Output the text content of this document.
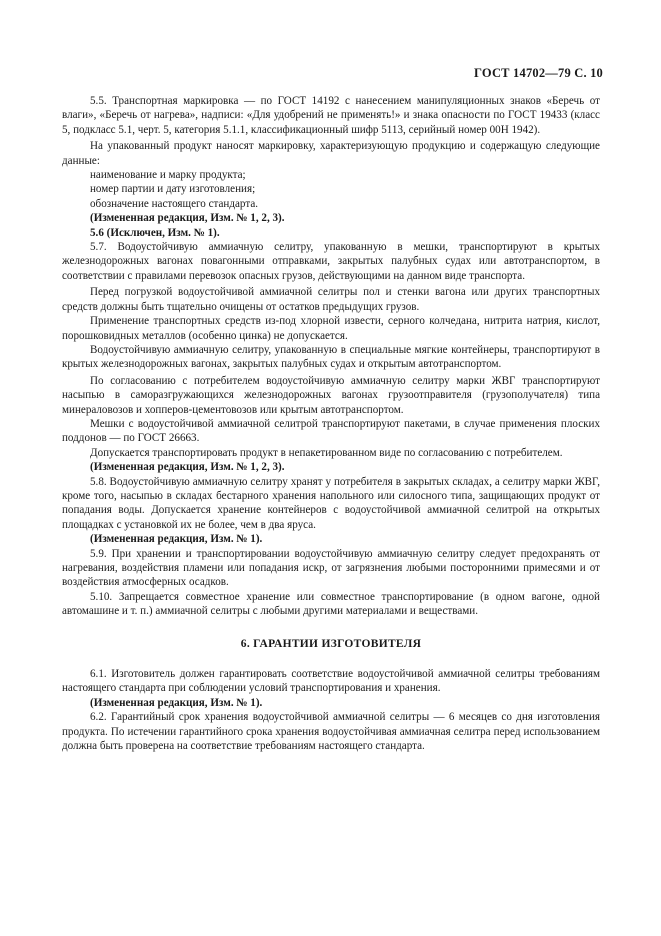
ГОСТ 14702—79 С. 10

5.5. Транспортная маркировка — по ГОСТ 14192 с нанесением манипуляционных знаков «Беречь от влаги», «Беречь от нагрева», надписи: «Для удобрений не применять!» и знака опасности по ГОСТ 19433 (класс 5, подкласс 5.1, черт. 5, категория 5.1.1, классификационный шифр 5113, серийный номер 00Н 1942).

На упакованный продукт наносят маркировку, характеризующую продукцию и содержащую следующие данные:

наименование и марку продукта;

номер партии и дату изготовления;

обозначение настоящего стандарта.

(Измененная редакция, Изм. № 1, 2, 3).

5.6 (Исключен, Изм. № 1).

5.7. Водоустойчивую аммиачную селитру, упакованную в мешки, транспортируют в крытых железнодорожных вагонах повагонными отправками, закрытых палубных судах или автотранспортом, в соответствии с правилами перевозок опасных грузов, действующими на данном виде транспорта.

Перед погрузкой водоустойчивой аммиачной селитры пол и стенки вагона или других транспортных средств должны быть тщательно очищены от остатков предыдущих грузов.

Применение транспортных средств из-под хлорной извести, серного колчедана, нитрита натрия, кислот, порошковидных металлов (особенно цинка) не допускается.

Водоустойчивую аммиачную селитру, упакованную в специальные мягкие контейнеры, транспортируют в крытых железнодорожных вагонах, закрытых палубных судах и открытым автотранспортом.

По согласованию с потребителем водоустойчивую аммиачную селитру марки ЖВГ транспортируют насыпью в саморазгружающихся железнодорожных вагонах грузоотправителя (грузополучателя) типа минераловозов и хопперов-цементовозов или крытым автотранспортом.

Мешки с водоустойчивой аммиачной селитрой транспортируют пакетами, в случае применения плоских поддонов — по ГОСТ 26663.

Допускается транспортировать продукт в непакетированном виде по согласованию с потребителем.

(Измененная редакция, Изм. № 1, 2, 3).

5.8. Водоустойчивую аммиачную селитру хранят у потребителя в закрытых складах, а селитру марки ЖВГ, кроме того, насыпью в складах бестарного хранения напольного или силосного типа, защищающих продукт от попадания воды. Допускается хранение контейнеров с водоустойчивой аммиачной селитрой на открытых площадках с установкой их не более, чем в два яруса.

(Измененная редакция, Изм. № 1).

5.9. При хранении и транспортировании водоустойчивую аммиачную селитру следует предохранять от нагревания, воздействия пламени или попадания искр, от загрязнения любыми посторонними примесями и от воздействия атмосферных осадков.

5.10. Запрещается совместное хранение или совместное транспортирование (в одном вагоне, одной автомашине и т. п.) аммиачной селитры с любыми другими материалами и веществами.

6. ГАРАНТИИ ИЗГОТОВИТЕЛЯ

6.1. Изготовитель должен гарантировать соответствие водоустойчивой аммиачной селитры требованиям настоящего стандарта при соблюдении условий транспортирования и хранения.

(Измененная редакция, Изм. № 1).

6.2. Гарантийный срок хранения водоустойчивой аммиачной селитры — 6 месяцев со дня изготовления продукта. По истечении гарантийного срока хранения водоустойчивая аммиачная селитра перед использованием должна быть проверена на соответствие требованиям настоящего стандарта.
